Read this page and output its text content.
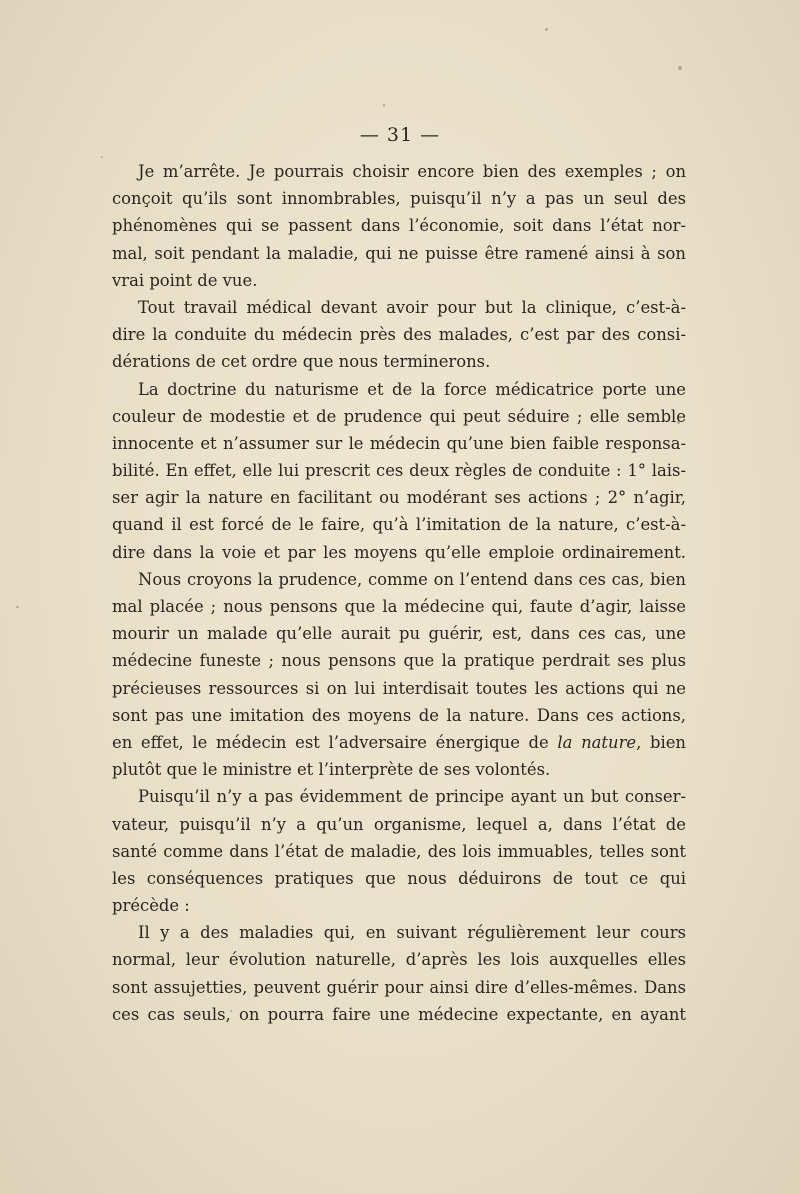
— 31 —
Je m’arrête. Je pourrais choisir encore bien des exemples ; on
conçoit qu’ils sont innombrables, puisqu’il n’y a pas un seul des
phénomènes qui se passent dans l’économie, soit dans l’état nor-
mal, soit pendant la maladie, qui ne puisse être ramené ainsi à son
vrai point de vue.
Tout travail médical devant avoir pour but la clinique, c’est-à-
dire la conduite du médecin près des malades, c’est par des consi-
dérations de cet ordre que nous terminerons.
La doctrine du naturisme et de la force médicatrice porte une
couleur de modestie et de prudence qui peut séduire ; elle semble
innocente et n’assumer sur le médecin qu’une bien faible responsa-
bilité. En effet, elle lui prescrit ces deux règles de conduite : 1° lais-
ser agir la nature en facilitant ou modérant ses actions ; 2° n’agir,
quand il est forcé de le faire, qu’à l’imitation de la nature, c’est-à-
dire dans la voie et par les moyens qu’elle emploie ordinairement.
Nous croyons la prudence, comme on l’entend dans ces cas, bien
mal placée ; nous pensons que la médecine qui, faute d’agir, laisse
mourir un malade qu’elle aurait pu guérir, est, dans ces cas, une
médecine funeste ; nous pensons que la pratique perdrait ses plus
précieuses ressources si on lui interdisait toutes les actions qui ne
sont pas une imitation des moyens de la nature. Dans ces actions,
en effet, le médecin est l’adversaire énergique de la nature, bien
plutôt que le ministre et l’interprète de ses volontés.
Puisqu’il n’y a pas évidemment de principe ayant un but conser-
vateur, puisqu’il n’y a qu’un organisme, lequel a, dans l’état de
santé comme dans l’état de maladie, des lois immuables, telles sont
les conséquences pratiques que nous déduirons de tout ce qui
précède :
Il y a des maladies qui, en suivant régulièrement leur cours
normal, leur évolution naturelle, d’après les lois auxquelles elles
sont assujetties, peuvent guérir pour ainsi dire d’elles-mêmes. Dans
ces cas seuls, on pourra faire une médecine expectante, en ayant
